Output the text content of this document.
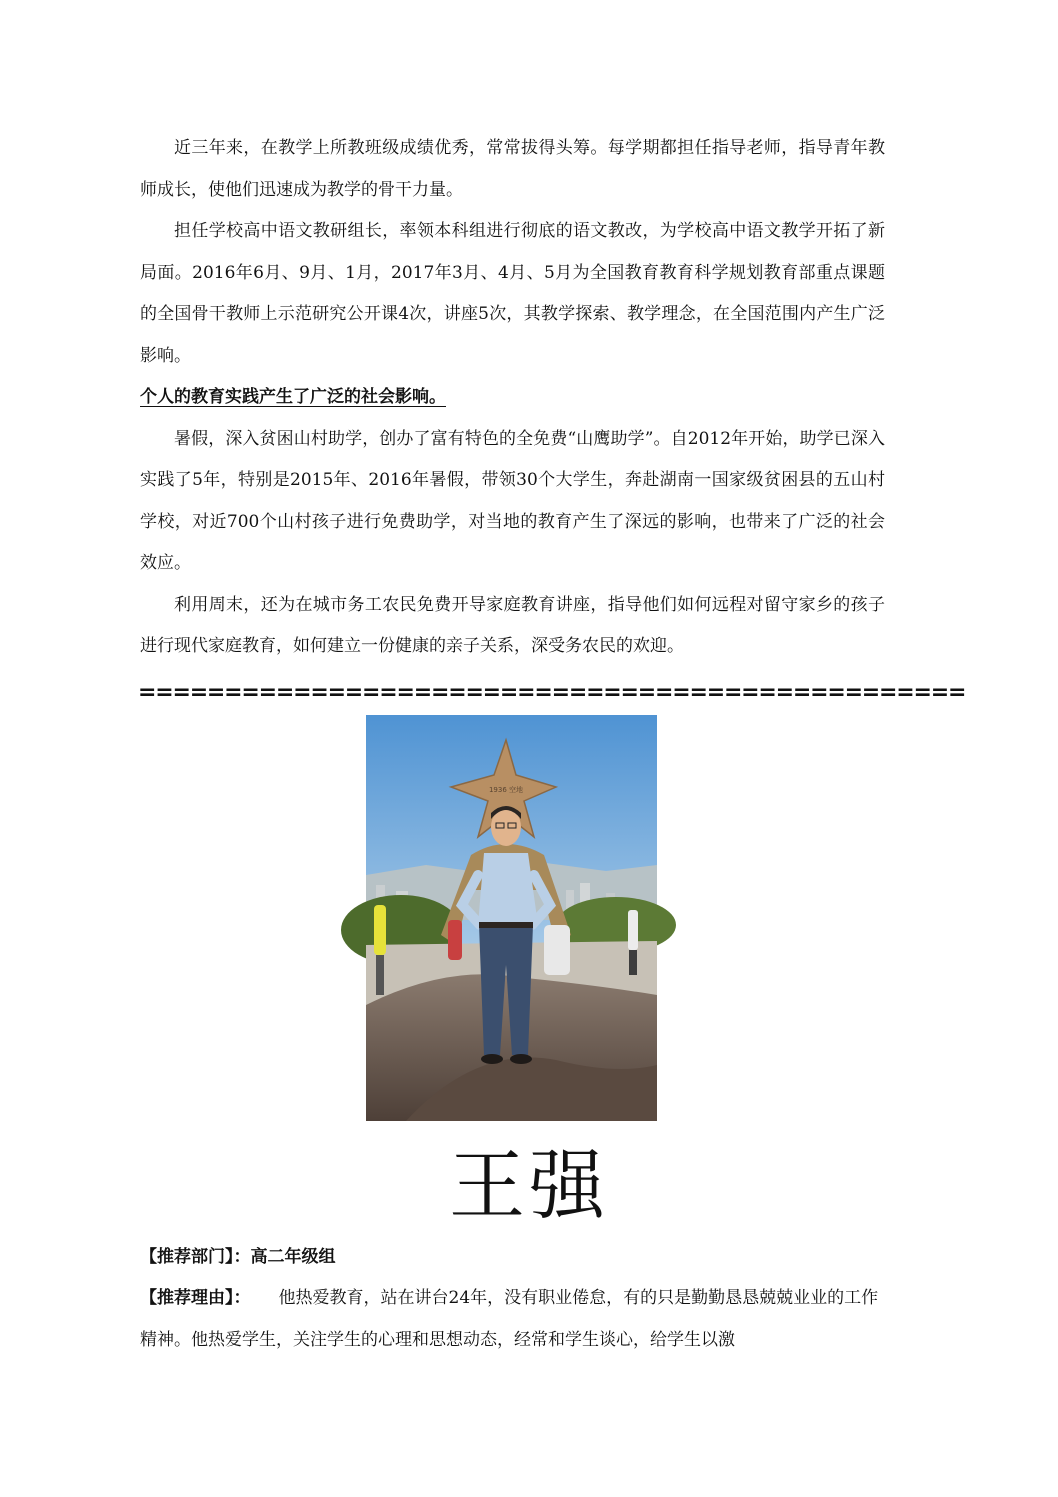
近三年来，在教学上所教班级成绩优秀，常常拔得头筹。每学期都担任指导老师，指导青年教师成长，使他们迅速成为教学的骨干力量。

担任学校高中语文教研组长，率领本科组进行彻底的语文教改，为学校高中语文教学开拓了新局面。2016年6月、9月、1月，2017年3月、4月、5月为全国教育教育科学规划教育部重点课题的全国骨干教师上示范研究公开课4次，讲座5次，其教学探索、教学理念，在全国范围内产生广泛影响。

个人的教育实践产生了广泛的社会影响。

暑假，深入贫困山村助学，创办了富有特色的全免费“山鹰助学”。自2012年开始，助学已深入实践了5年，特别是2015年、2016年暑假，带领30个大学生，奔赴湖南一国家级贫困县的五山村学校，对近700个山村孩子进行免费助学，对当地的教育产生了深远的影响，也带来了广泛的社会效应。

利用周末，还为在城市务工农民免费开导家庭教育讲座，指导他们如何远程对留守家乡的孩子进行现代家庭教育，如何建立一份健康的亲子关系，深受务农民的欢迎。

================================================
1936 空地
王强
【推荐部门】：高二年级组
【推荐理由】： 他热爱教育，站在讲台24年，没有职业倦怠，有的只是勤勤恳恳兢兢业业的工作精神。他热爱学生，关注学生的心理和思想动态，经常和学生谈心，给学生以激
